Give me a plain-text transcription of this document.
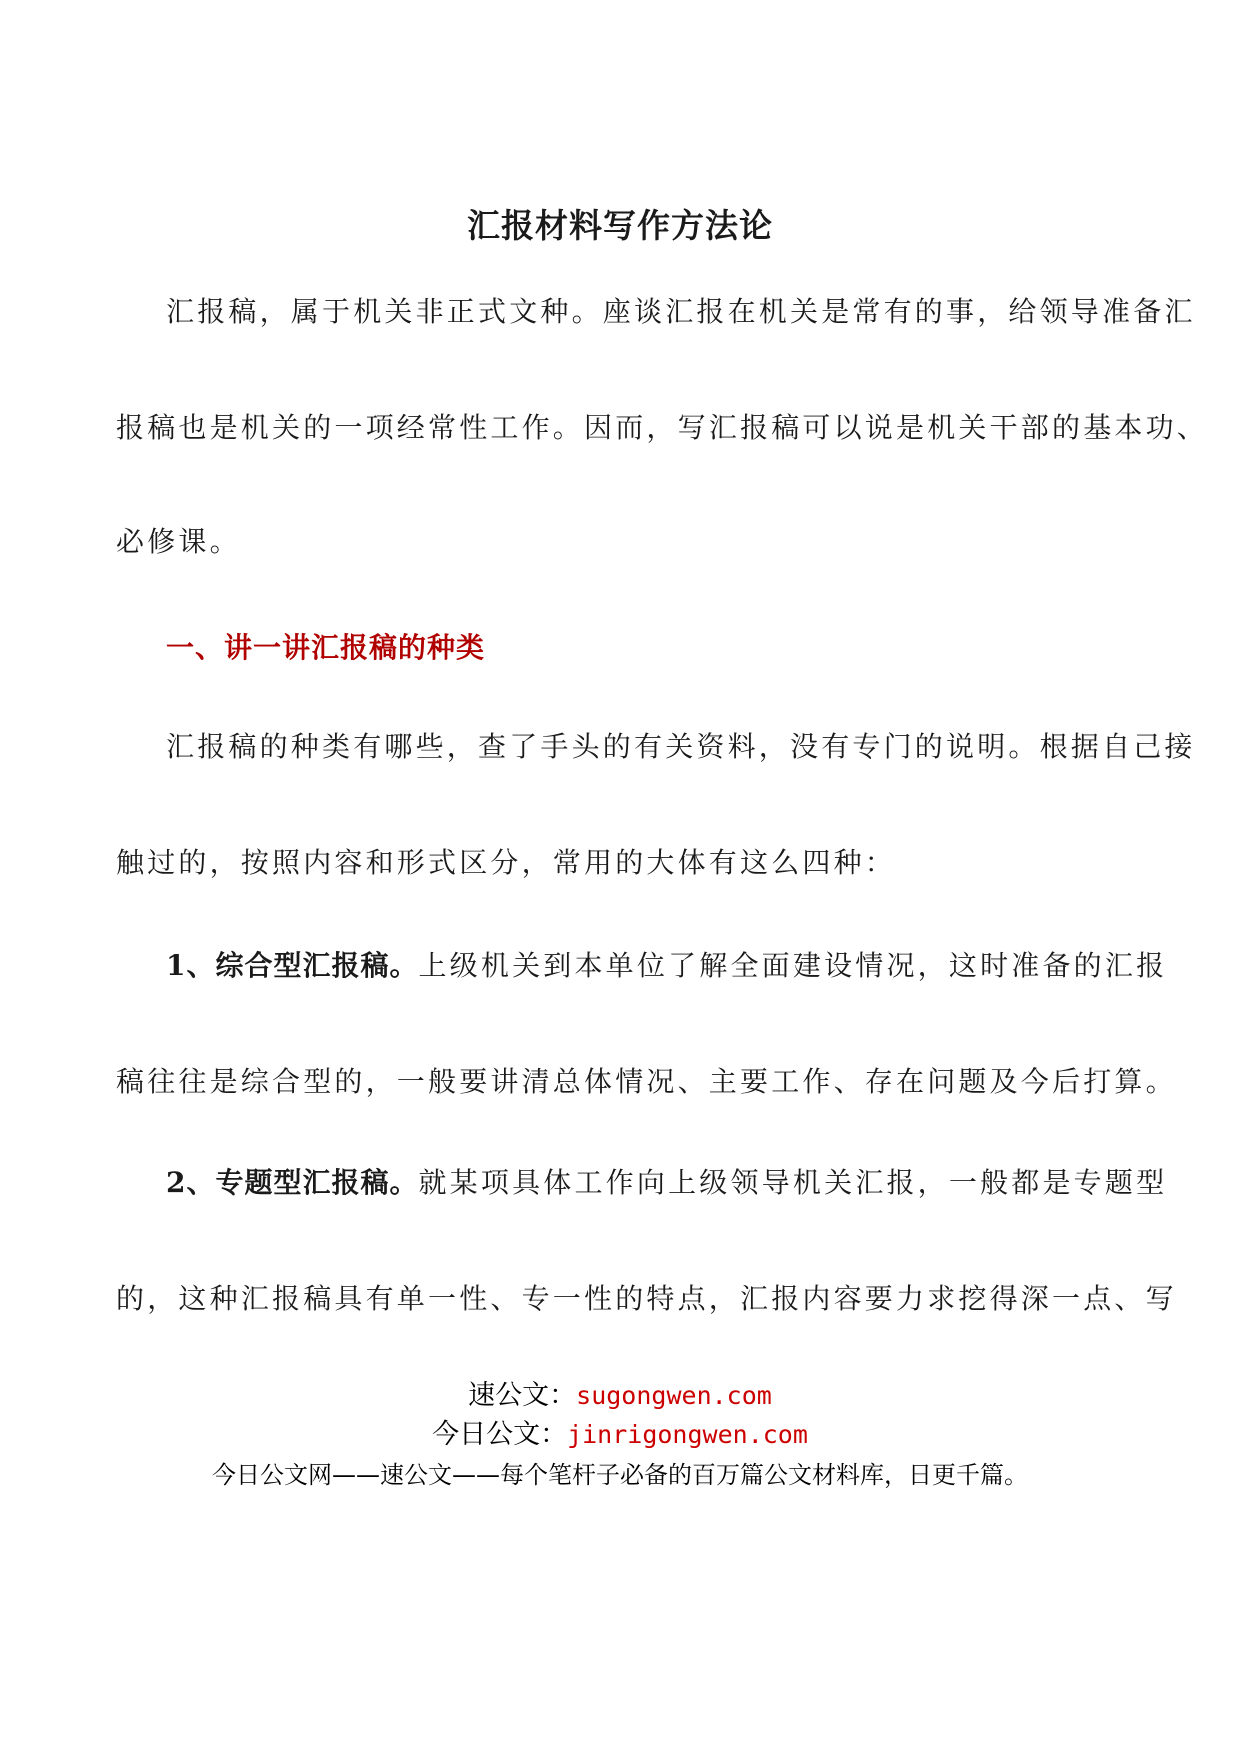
汇报材料写作方法论
汇报稿，属于机关非正式文种。座谈汇报在机关是常有的事，给领导准备汇
报稿也是机关的一项经常性工作。因而，写汇报稿可以说是机关干部的基本功、
必修课。
一、讲一讲汇报稿的种类
汇报稿的种类有哪些，查了手头的有关资料，没有专门的说明。根据自己接
触过的，按照内容和形式区分，常用的大体有这么四种：
1、综合型汇报稿。上级机关到本单位了解全面建设情况，这时准备的汇报
稿往往是综合型的，一般要讲清总体情况、主要工作、存在问题及今后打算。
2、专题型汇报稿。就某项具体工作向上级领导机关汇报，一般都是专题型
的，这种汇报稿具有单一性、专一性的特点，汇报内容要力求挖得深一点、写
速公文：sugongwen.com
今日公文：jinrigongwen.com
今日公文网——速公文——每个笔杆子必备的百万篇公文材料库，日更千篇。
